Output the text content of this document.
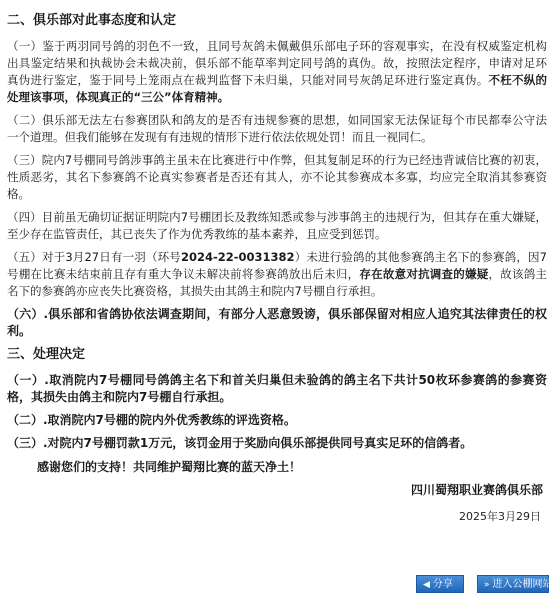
二、俱乐部对此事态度和认定

（一）鉴于两羽同号鸽的羽色不一致，且同号灰鸽未佩戴俱乐部电子环的容观事实，在没有权威鉴定机构出具鉴定结果和执裁协会未裁决前，俱乐部不能草率判定同号鸽的真伪。故，按照法定程序，申请对足环真伪进行鉴定，鉴于同号上笼雨点在裁判监督下未归巢，只能对同号灰鸽足环进行鉴定真伪。不枉不纵的处理该事项，体现真正的“三公”体育精神。

（二）俱乐部无法左右参赛团队和鸽友的是否有违规参赛的思想，如同国家无法保证每个市民都奉公守法一个道理。但我们能够在发现有有违规的情形下进行依法依规处罚！而且一视同仁。

（三）院内7号棚同号鸽涉事鸽主虽未在比赛进行中作弊，但其复制足环的行为已经违背诚信比赛的初衷，性质恶劣，其名下参赛鸽不论真实参赛者是否还有其人，亦不论其参赛成本多寡，均应完全取消其参赛资格。

（四）目前虽无确切证据证明院内7号棚团长及教练知悉或参与涉事鸽主的违规行为，但其存在重大嫌疑，至少存在监管责任，其已丧失了作为优秀教练的基本素养，且应受到惩罚。

（五）对于3月27日有一羽（环号2024-22-0031382）未进行验鸽的其他参赛鸽主名下的参赛鸽，因7号棚在比赛未结束前且存有重大争议未解决前将参赛鸽放出后未归，存在故意对抗调查的嫌疑，故该鸽主名下的参赛鸽亦应丧失比赛资格，其损失由其鸽主和院内7号棚自行承担。

（六）.俱乐部和省鸽协依法调查期间，有部分人恶意毁谤，俱乐部保留对相应人追究其法律责任的权利。

三、处理决定

（一）.取消院内7号棚同号鸽鸽主名下和首关归巢但未验鸽的鸽主名下共计50枚环参赛鸽的参赛资格，其损失由鸽主和院内7号棚自行承担。

（二）.取消院内7号棚的院内外优秀教练的评选资格。

（三）.对院内7号棚罚款1万元，该罚金用于奖励向俱乐部提供同号真实足环的信鸽者。

感谢您们的支持！共同维护蜀翔比赛的蓝天净土！
四川蜀翔职业赛鸽俱乐部
2025年3月29日
◀ 分享	» 进入公棚网站
